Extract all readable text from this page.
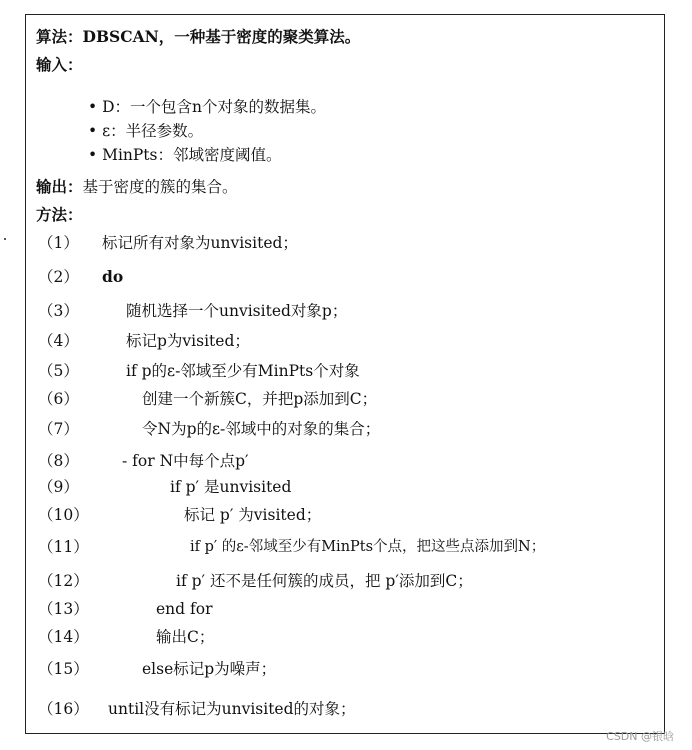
算法：DBSCAN，一种基于密度的聚类算法。
输入：
• D：一个包含n个对象的数据集。
• ε：半径参数。
• MinPts：邻域密度阈值。
输出：基于密度的簇的集合。
方法：
（1） 标记所有对象为unvisited；
（2） do
（3）	随机选择一个unvisited对象p；
（4）	标记p为visited；
（5）	if p的ε-邻域至少有MinPts个对象
（6）	创建一个新簇C，并把p添加到C；
（7）	令N为p的ε-邻域中的对象的集合；
（8）	- for N中每个点p′
（9）	if p′ 是unvisited
（10）	标记 p′ 为visited；
（11）	if p′ 的ε-邻域至少有MinPts个点，把这些点添加到N；
（12）	if p′ 还不是任何簇的成员，把 p′添加到C；
（13）	end for
（14）	输出C；
（15）	else标记p为噪声；
（16） until没有标记为unvisited的对象；
CSDN @银晗
